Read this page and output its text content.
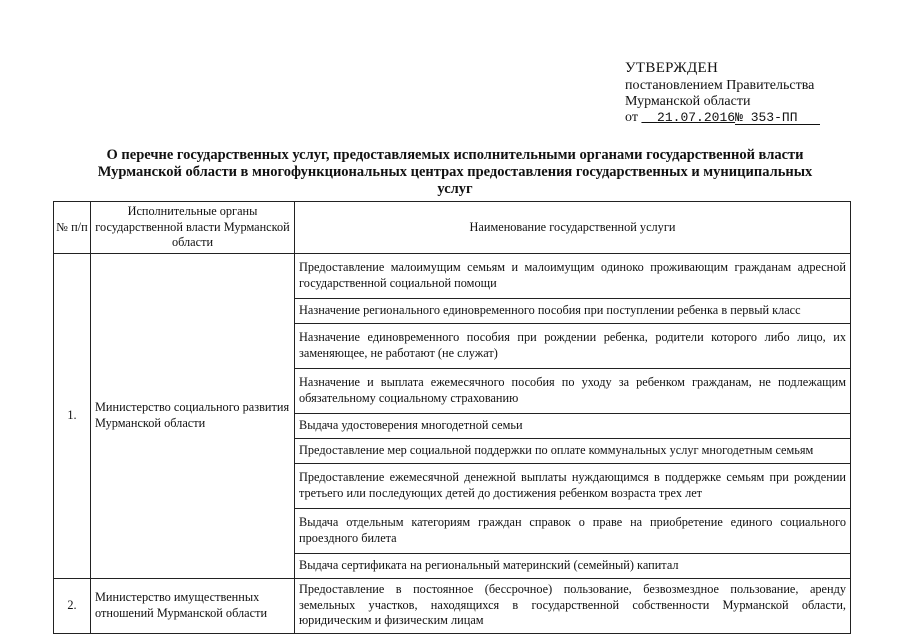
УТВЕРЖДЕН
постановлением Правительства
Мурманской области
от 21.07.2016№ 353-ПП
О перечне государственных услуг, предоставляемых исполнительными органами государственной власти
Мурманской области в многофункциональных центрах предоставления государственных и муниципальных
услуг
№ п/п	Исполнительные органы государственной власти Мурманской области	Наименование государственной услуги
1.	Министерство социального развития Мурманской области	Предоставление малоимущим семьям и малоимущим одиноко проживающим гражданам адресной государственной социальной помощи
		Назначение регионального единовременного пособия при поступлении ребенка в первый класс
		Назначение единовременного пособия при рождении ребенка, родители которого либо лицо, их заменяющее, не работают (не служат)
		Назначение и выплата ежемесячного пособия по уходу за ребенком гражданам, не подлежащим обязательному социальному страхованию
		Выдача удостоверения многодетной семьи
		Предоставление мер социальной поддержки по оплате коммунальных услуг многодетным семьям
		Предоставление ежемесячной денежной выплаты нуждающимся в поддержке семьям при рождении третьего или последующих детей до достижения ребенком возраста трех лет
		Выдача отдельным категориям граждан справок о праве на приобретение единого социального проездного билета
		Выдача сертификата на региональный материнский (семейный) капитал
2.	Министерство имущественных отношений Мурманской области	Предоставление в постоянное (бессрочное) пользование, безвозмездное пользование, аренду земельных участков, находящихся в государственной собственности Мурманской области, юридическим и физическим лицам
